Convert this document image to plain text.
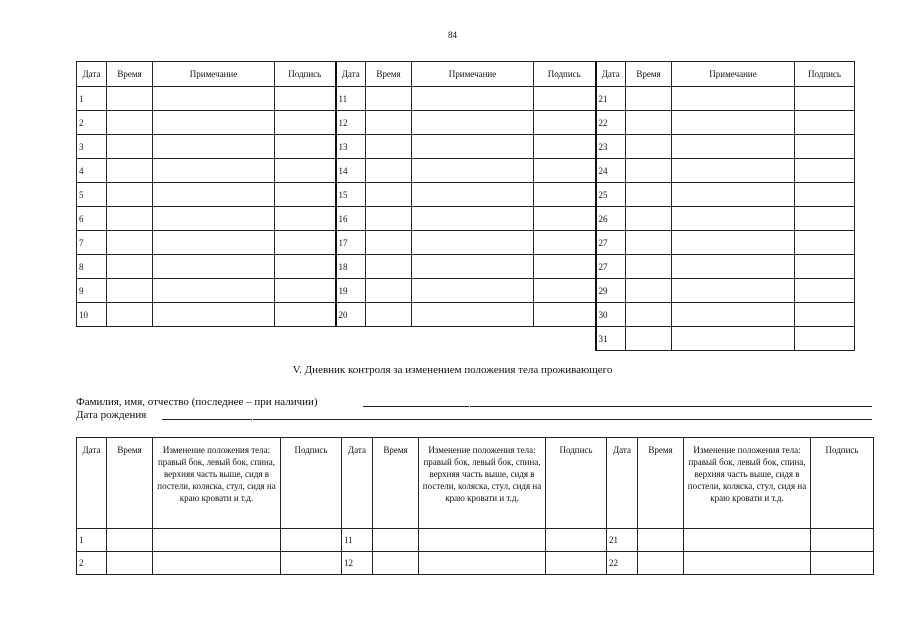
84
Дата	Время	Примечание	Подпись	Дата	Время	Примечание	Подпись	Дата	Время	Примечание	Подпись
1				11				21			
2				12				22			
3				13				23			
4				14				24			
5				15				25			
6				16				26			
7				17				27			
8				18				27			
9				19				29			
10				20				30			
								31			
V. Дневник контроля за изменением положения тела проживающего
Фамилия, имя, отчество (последнее – при наличии)
Дата рождения
Дата	Время	Изменение положения тела: правый бок, левый бок, спина, верхняя часть выше, сидя в постели, коляска, стул, сидя на краю кровати и т.д.	Подпись	Дата	Время	Изменение положения тела: правый бок, левый бок, спина, верхняя часть выше, сидя в постели, коляска, стул, сидя на краю кровати и т.д.	Подпись	Дата	Время	Изменение положения тела: правый бок, левый бок, спина, верхняя часть выше, сидя в постели, коляска, стул, сидя на краю кровати и т.д.	Подпись
1				11				21			
2				12				22			
